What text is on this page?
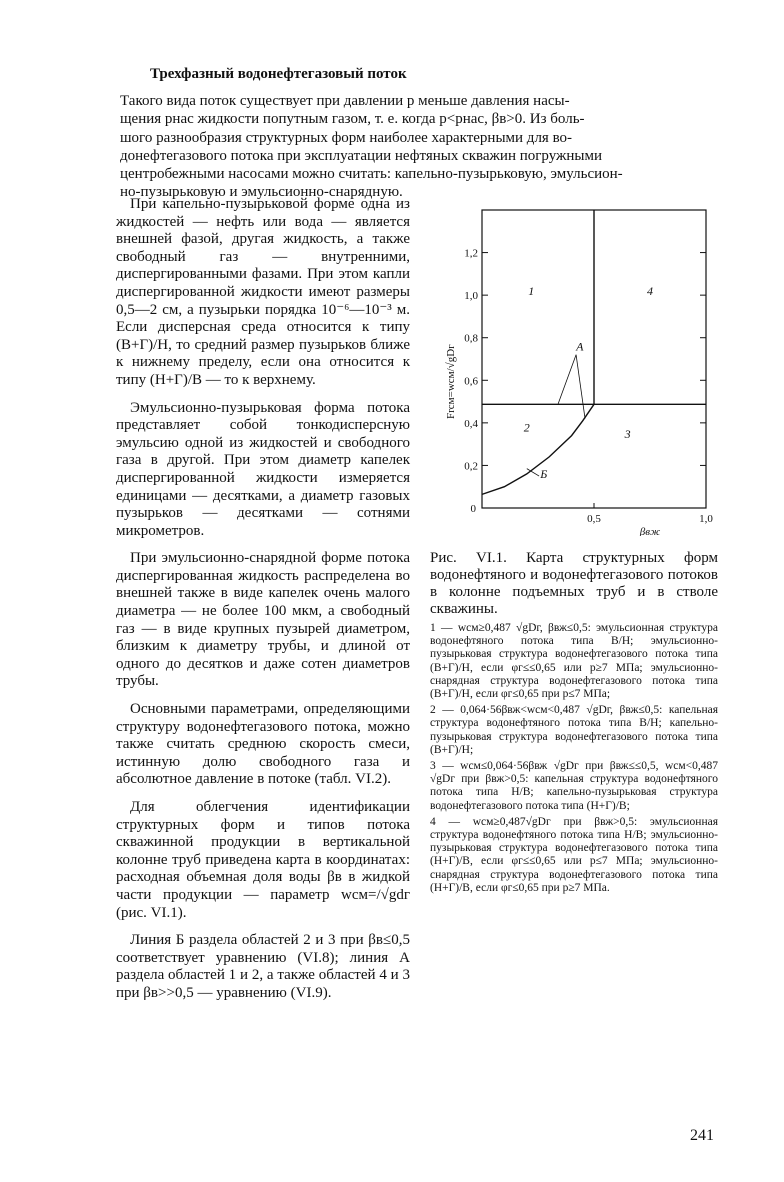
Трехфазный водонефтегазовый поток
Такого вида поток существует при давлении p меньше давления насы-
щения pнас жидкости попутным газом, т. е. когда p<pнас, βв>0. Из боль-
шого разнообразия структурных форм наиболее характерными для во-
донефтегазового потока при эксплуатации нефтяных скважин погружными
центробежными насосами можно считать: капельно-пузырьковую, эмульсион-
но-пузырьковую и эмульсионно-снарядную.

При капельно-пузырьковой форме одна из жидкостей — нефть или вода — является внешней фазой, другая жидкость, а также свободный газ — внутренними, диспергированными фазами. При этом капли диспергированной жидкости имеют размеры 0,5—2 см, а пузырьки порядка 10⁻⁶—10⁻³ м. Если дисперсная среда относится к типу (В+Г)/Н, то средний размер пузырьков ближе к нижнему пределу, если она относится к типу (Н+Г)/В — то к верхнему.

Эмульсионно-пузырьковая форма потока представляет собой тонкодисперсную эмульсию одной из жидкостей и свободного газа в другой. При этом диаметр капелек диспергированной жидкости измеряется единицами — десятками, а диаметр газовых пузырьков — десятками — сотнями микрометров.

При эмульсионно-снарядной форме потока диспергированная жидкость распределена во внешней также в виде капелек очень малого диаметра — не более 100 мкм, а свободный газ — в виде крупных пузырей диаметром, близким к диаметру трубы, и длиной от одного до десятков и даже сотен диаметров трубы.

Основными параметрами, определяющими структуру водонефтегазового потока, можно также считать среднюю скорость смеси, истинную долю свободного газа и абсолютное давление в потоке (табл. VI.2).

Для облегчения идентификации структурных форм и типов потока скважинной продукции в вертикальной колонне труб приведена карта в координатах: расходная объемная доля воды βв в жидкой части продукции — параметр wсм=/√gdг (рис. VI.1).

Линия Б раздела областей 2 и 3 при βв≤0,5 соответствует уравнению (VI.8); линия А раздела областей 1 и 2, а также областей 4 и 3 при βв>>0,5 — уравнению (VI.9).

0,2
0,4
0,6
0,8
1,0
1,2
0,5	1,0
0
1	4
2	3
А
Б
Frсм=wсм/√gDг
βвж
Рис. VI.1. Карта структурных форм водонефтяного и водонефтегазового потоков в колонне подъемных труб и в стволе скважины.

1 — wсм≥0,487 √gDг, βвж≤0,5: эмульсионная структура водонефтяного потока типа В/Н; эмульсионно-пузырьковая структура водонефтегазового потока типа (В+Г)/Н, если φг≤≤0,65 или p≥7 МПа; эмульсионно-снарядная структура водонефтегазового потока типа (В+Г)/Н, если φг≤0,65 при p≤7 МПа;

2 — 0,064·56βвж<wсм<0,487 √gDг, βвж≤0,5: капельная структура водонефтяного потока типа В/Н; капельно-пузырьковая структура водонефтегазового потока типа (В+Г)/Н;

3 — wсм≤0,064·56βвж √gDг при βвж≤≤0,5, wсм<0,487 √gDг при βвж>0,5: капельная структура водонефтяного потока типа Н/В; капельно-пузырьковая структура водонефтегазового потока типа (Н+Г)/В;

4 — wсм≥0,487√gDг при βвж>0,5: эмульсионная структура водонефтяного потока типа Н/В; эмульсионно-пузырьковая структура водонефтегазового потока типа (Н+Г)/В, если φг≤≤0,65 или p≤7 МПа; эмульсионно-снарядная структура водонефтегазового потока типа (Н+Г)/В, если φг≤0,65 при p≥7 МПа.

241
